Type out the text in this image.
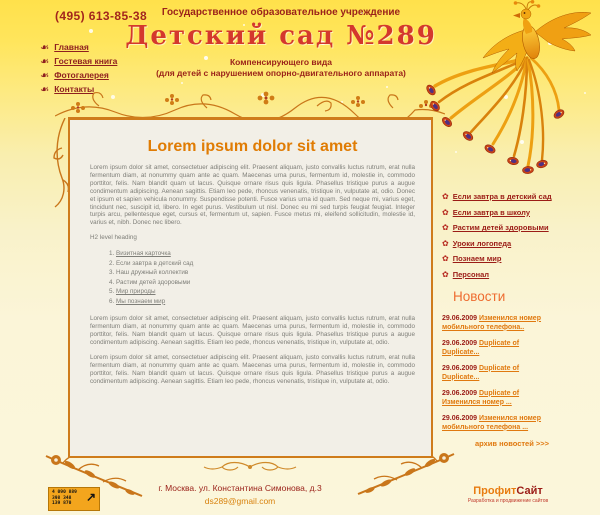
(495) 613-85-38	Государственное образовательное учреждение
Детский сад №289
Компенсирующего вида
(для детей с нарушением опорно-двигательного аппарата)
❧ Главная
❧ Гостевая книга
❧ Фотогалерея
❧ Контакты
Lorem ipsum dolor sit amet

Lorem ipsum dolor sit amet, consectetuer adipiscing elit. Praesent aliquam, justo convallis luctus rutrum, erat nulla fermentum diam, at nonummy quam ante ac quam. Maecenas urna purus, fermentum id, molestie in, commodo porttitor, felis. Nam blandit quam ut lacus. Quisque ornare risus quis ligula. Phasellus tristique purus a augue condimentum adipiscing. Aenean sagittis. Etiam leo pede, rhoncus venenatis, tristique in, vulputate at, odio. Donec et ipsum et sapien vehicula nonummy. Suspendisse potenti. Fusce varius urna id quam. Sed neque mi, varius eget, tincidunt nec, suscipit id, libero. In eget purus. Vestibulum ut nisl. Donec eu mi sed turpis feugiat feugiat. Integer turpis arcu, pellentesque eget, cursus et, fermentum ut, sapien. Fusce metus mi, eleifend sollicitudin, molestie id, varius et, nibh. Donec nec libero.

H2 level heading
1. Визитная карточка
2. Если завтра в детский сад
3. Наш дружный коллектив
4. Растим детей здоровыми
5. Мир природы
6. Мы познаем мир

Lorem ipsum dolor sit amet, consectetuer adipiscing elit. Praesent aliquam, justo convallis luctus rutrum, erat nulla fermentum diam, at nonummy quam ante ac quam. Maecenas urna purus, fermentum id, molestie in, commodo porttitor, felis. Nam blandit quam ut lacus. Quisque ornare risus quis ligula. Phasellus tristique purus a augue condimentum adipiscing. Aenean sagittis. Etiam leo pede, rhoncus venenatis, tristique in, vulputate at, odio.

Lorem ipsum dolor sit amet, consectetuer adipiscing elit. Praesent aliquam, justo convallis luctus rutrum, erat nulla fermentum diam, at nonummy quam ante ac quam. Maecenas urna purus, fermentum id, molestie in, commodo porttitor, felis. Nam blandit quam ut lacus. Quisque ornare risus quis ligula. Phasellus tristique purus a augue condimentum adipiscing. Aenean sagittis. Etiam leo pede, rhoncus venenatis, tristique in, vulputate at, odio.

✿ Если завтра в детский сад
✿ Если завтра в школу
✿ Растим детей здоровыми
✿ Уроки логопеда
✿ Познаем мир
✿ Персонал
Новости
29.06.2009 Изменился номер мобильного телефона..
29.06.2009 Duplicate of Duplicate...
29.06.2009 Duplicate of Duplicate...
29.06.2009 Duplicate of Изменился номер ...
29.06.2009 Изменился номер мобильного телефона ...
архив новостей >>>
4 090 889
398 348
139 870	↗
г. Москва. ул. Константина Симонова, д.3
ds289@gmail.com
ПрофитСайт
Разработка и продвижение сайтов
